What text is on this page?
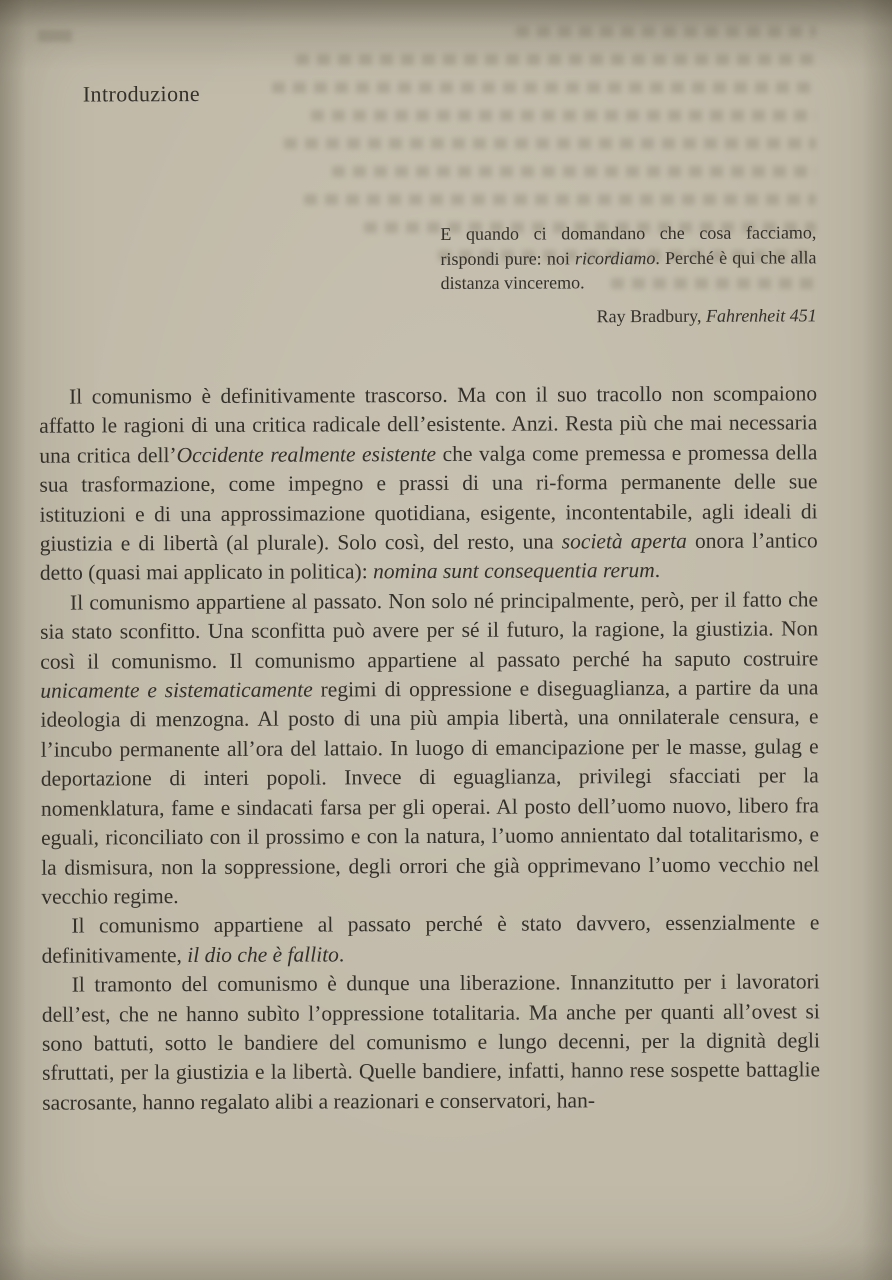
Introduzione

E quando ci domandano che cosa facciamo, rispondi pure: noi ricordiamo. Perché è qui che alla distanza vinceremo.

Ray Bradbury, Fahrenheit 451

Il comunismo è definitivamente trascorso. Ma con il suo tracollo non scompaiono affatto le ragioni di una critica radicale dell’esistente. Anzi. Resta più che mai necessaria una critica dell’Occidente realmente esistente che valga come premessa e promessa della sua trasformazione, come impegno e prassi di una ri-forma permanente delle sue istituzioni e di una approssimazione quotidiana, esigente, incontentabile, agli ideali di giustizia e di libertà (al plurale). Solo così, del resto, una società aperta onora l’antico detto (quasi mai applicato in politica): nomina sunt consequentia rerum.

Il comunismo appartiene al passato. Non solo né principalmente, però, per il fatto che sia stato sconfitto. Una sconfitta può avere per sé il futuro, la ragione, la giustizia. Non così il comunismo. Il comunismo appartiene al passato perché ha saputo costruire unicamente e sistematicamente regimi di oppressione e diseguaglianza, a partire da una ideologia di menzogna. Al posto di una più ampia libertà, una onnilaterale censura, e l’incubo permanente all’ora del lattaio. In luogo di emancipazione per le masse, gulag e deportazione di interi popoli. Invece di eguaglianza, privilegi sfacciati per la nomenklatura, fame e sindacati farsa per gli operai. Al posto dell’uomo nuovo, libero fra eguali, riconciliato con il prossimo e con la natura, l’uomo annientato dal totalitarismo, e la dismisura, non la soppressione, degli orrori che già opprimevano l’uomo vecchio nel vecchio regime.

Il comunismo appartiene al passato perché è stato davvero, essenzialmente e definitivamente, il dio che è fallito.

Il tramonto del comunismo è dunque una liberazione. Innanzitutto per i lavoratori dell’est, che ne hanno subìto l’oppressione totalitaria. Ma anche per quanti all’ovest si sono battuti, sotto le bandiere del comunismo e lungo decenni, per la dignità degli sfruttati, per la giustizia e la libertà. Quelle bandiere, infatti, hanno rese sospette battaglie sacrosante, hanno regalato alibi a reazionari e conservatori, han-
